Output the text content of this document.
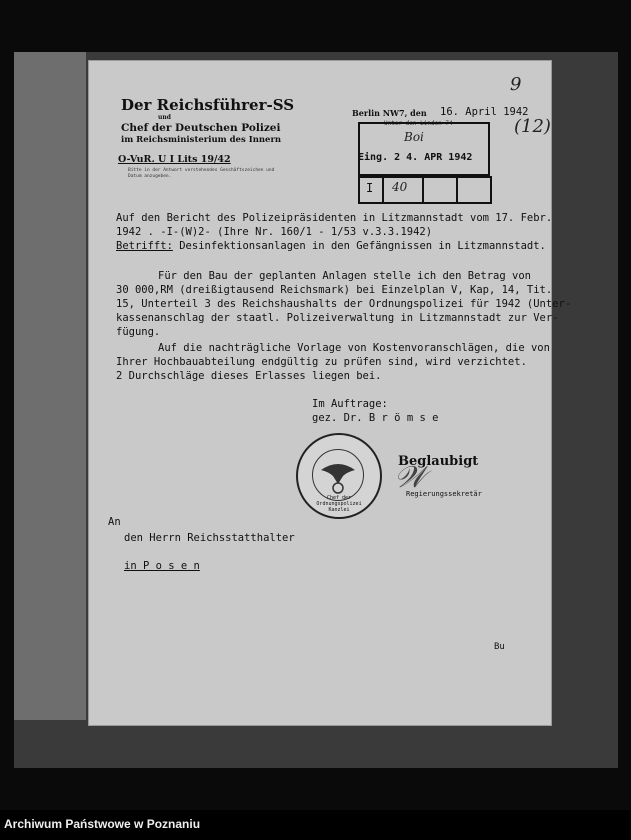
Der Reichsführer-SS
und
Chef der Deutschen Polizei
im Reichsministerium des Innern
O-VuR. U I Lits 19/42
Bitte in der Antwort vorstehendes Geschäftszeichen und Datum anzugeben.
Berlin NW7, den 16. April 1942
Unter den Linden 74
9
(12)
Boi
Eing. 2 4. APR 1942
I 40
Auf den Bericht des Polizeipräsidenten in Litzmannstadt vom 17. Febr.
1942 . -I-(W)2- (Ihre Nr. 160/1 - 1/53 v.3.3.1942)
Betrifft: Desinfektionsanlagen in den Gefängnissen in Litzmannstadt.
Für den Bau der geplanten Anlagen stelle ich den Betrag von
30 000,RM (dreißigtausend Reichsmark) bei Einzelplan V, Kap, 14, Tit.
15, Unterteil 3 des Reichshaushalts der Ordnungspolizei für 1942 (Unter-
kassenanschlag der staatl. Polizeiverwaltung in Litzmannstadt zur Ver-
fügung.
Auf die nachträgliche Vorlage von Kostenvoranschlägen, die von
Ihrer Hochbauabteilung endgültig zu prüfen sind, wird verzichtet.
2 Durchschläge dieses Erlasses liegen bei.
Im Auftrage:
gez. Dr. B r ö m s e
Beglaubigt
Regierungssekretär
𝒲
An
den Herrn Reichsstatthalter
in P o s e n
Bu
Chef der Ordnungspolizei Kanzlei
Archiwum Państwowe w Poznaniu
